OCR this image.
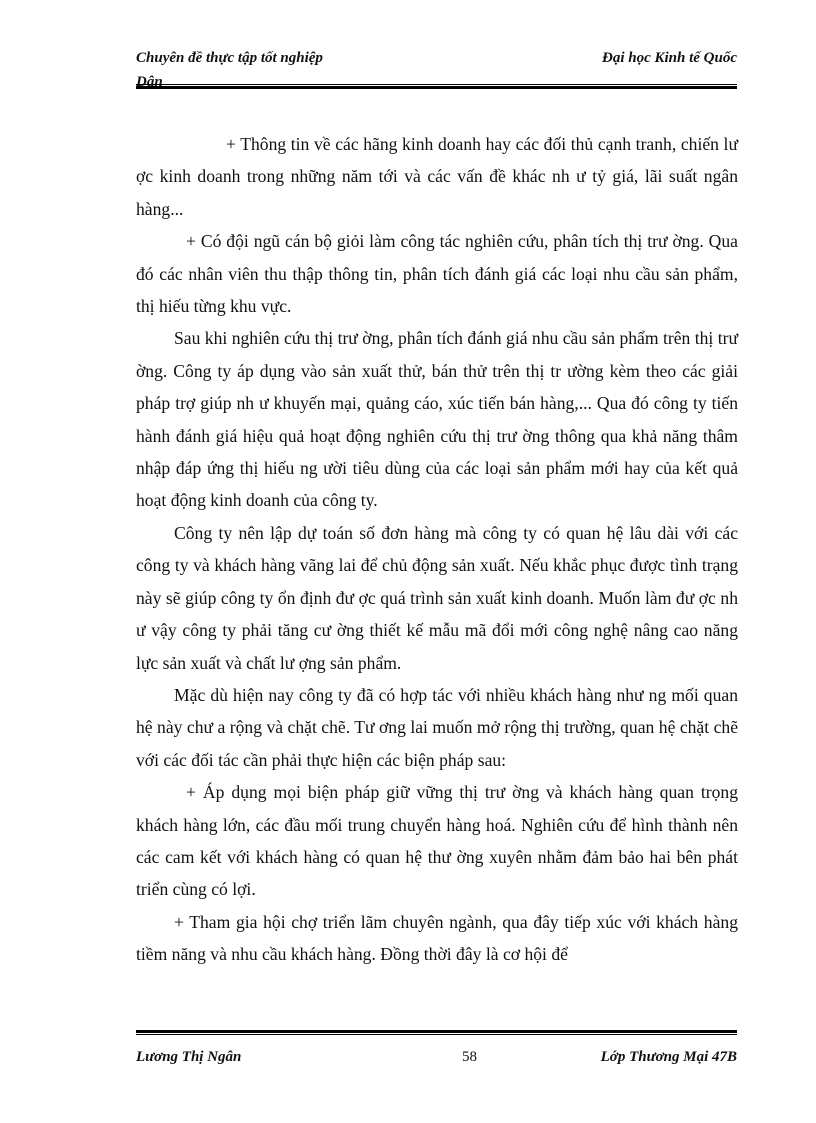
Chuyên đề thực tập tốt nghiệp	Đại học Kinh tế Quốc
Dân

+ Thông tin về các hãng kinh doanh hay các đối thủ cạnh tranh, chiến lư ợc kinh doanh trong những năm tới và các vấn đề khác nh ư tỷ giá, lãi suất ngân hàng...

+ Có đội ngũ cán bộ giỏi làm công tác nghiên cứu, phân tích thị trư ờng. Qua đó các nhân viên thu thập thông tin, phân tích đánh giá các loại nhu cầu sản phẩm, thị hiếu từng khu vực.

Sau khi nghiên cứu thị trư ờng, phân tích đánh giá nhu cầu sản phẩm trên thị trư ờng. Công ty áp dụng vào sản xuất thử, bán thử trên thị tr ường kèm theo các giải pháp trợ giúp nh ư khuyến mại, quảng cáo, xúc tiến bán hàng,... Qua đó công ty tiến hành đánh giá hiệu quả hoạt động nghiên cứu thị trư ờng thông qua khả năng thâm nhập đáp ứng thị hiếu ng ười tiêu dùng của các loại sản phẩm mới hay của kết quả hoạt động kinh doanh của công ty.

Công ty nên lập dự toán số đơn hàng mà công ty có quan hệ lâu dài với các công ty và khách hàng vãng lai để chủ động sản xuất. Nếu khắc phục được tình trạng này sẽ giúp công ty ổn định đư ợc quá trình sản xuất kinh doanh. Muốn làm đư ợc nh ư vậy công ty phải tăng cư ờng thiết kế mẫu mã đổi mới công nghệ nâng cao năng lực sản xuất và chất lư ợng sản phẩm.

Mặc dù hiện nay công ty đã có hợp tác với nhiều khách hàng như ng mối quan hệ này chư a rộng và chặt chẽ. Tư ơng lai muốn mở rộng thị trường, quan hệ chặt chẽ với các đối tác cần phải thực hiện các biện pháp sau:

+ Áp dụng mọi biện pháp giữ vững thị trư ờng và khách hàng quan trọng khách hàng lớn, các đầu mối trung chuyển hàng hoá. Nghiên cứu để hình thành nên các cam kết với khách hàng có quan hệ thư ờng xuyên nhằm đảm bảo hai bên phát triển cùng có lợi.

+ Tham gia hội chợ triển lãm chuyên ngành, qua đây tiếp xúc với khách hàng tiềm năng và nhu cầu khách hàng. Đồng thời đây là cơ hội để

Lương Thị Ngân	58	Lớp Thương Mại 47B
